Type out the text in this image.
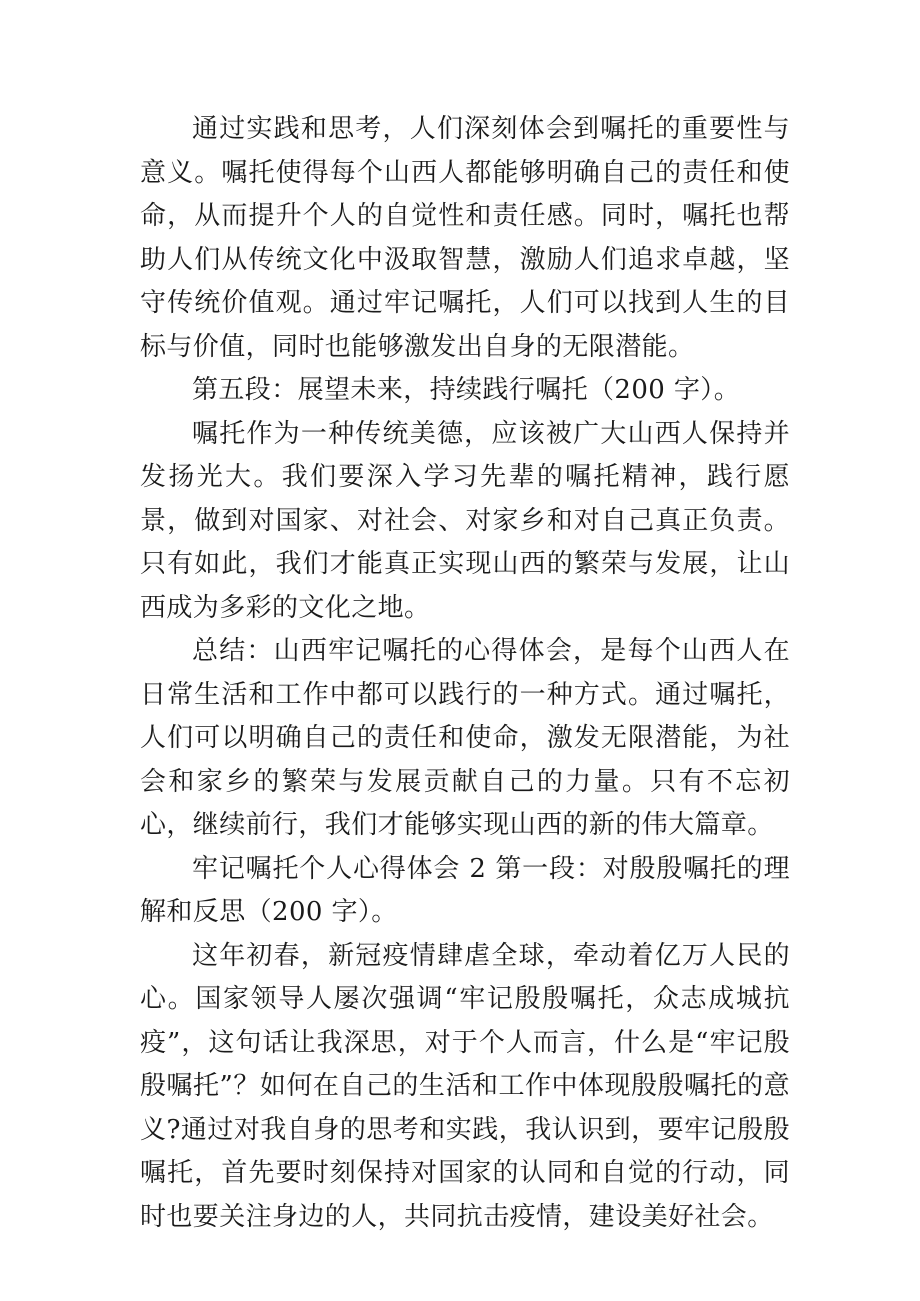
通过实践和思考，人们深刻体会到嘱托的重要性与意义。嘱托使得每个山西人都能够明确自己的责任和使命，从而提升个人的自觉性和责任感。同时，嘱托也帮助人们从传统文化中汲取智慧，激励人们追求卓越，坚守传统价值观。通过牢记嘱托，人们可以找到人生的目标与价值，同时也能够激发出自身的无限潜能。

第五段：展望未来，持续践行嘱托（200 字）。

嘱托作为一种传统美德，应该被广大山西人保持并发扬光大。我们要深入学习先辈的嘱托精神，践行愿景，做到对国家、对社会、对家乡和对自己真正负责。只有如此，我们才能真正实现山西的繁荣与发展，让山西成为多彩的文化之地。

总结：山西牢记嘱托的心得体会，是每个山西人在日常生活和工作中都可以践行的一种方式。通过嘱托，人们可以明确自己的责任和使命，激发无限潜能，为社会和家乡的繁荣与发展贡献自己的力量。只有不忘初心，继续前行，我们才能够实现山西的新的伟大篇章。

牢记嘱托个人心得体会 2 第一段：对殷殷嘱托的理解和反思（200 字）。

这年初春，新冠疫情肆虐全球，牵动着亿万人民的心。国家领导人屡次强调“牢记殷殷嘱托，众志成城抗疫”，这句话让我深思，对于个人而言，什么是“牢记殷殷嘱托”？如何在自己的生活和工作中体现殷殷嘱托的意义?通过对我自身的思考和实践，我认识到，要牢记殷殷嘱托，首先要时刻保持对国家的认同和自觉的行动，同时也要关注身边的人，共同抗击疫情，建设美好社会。
